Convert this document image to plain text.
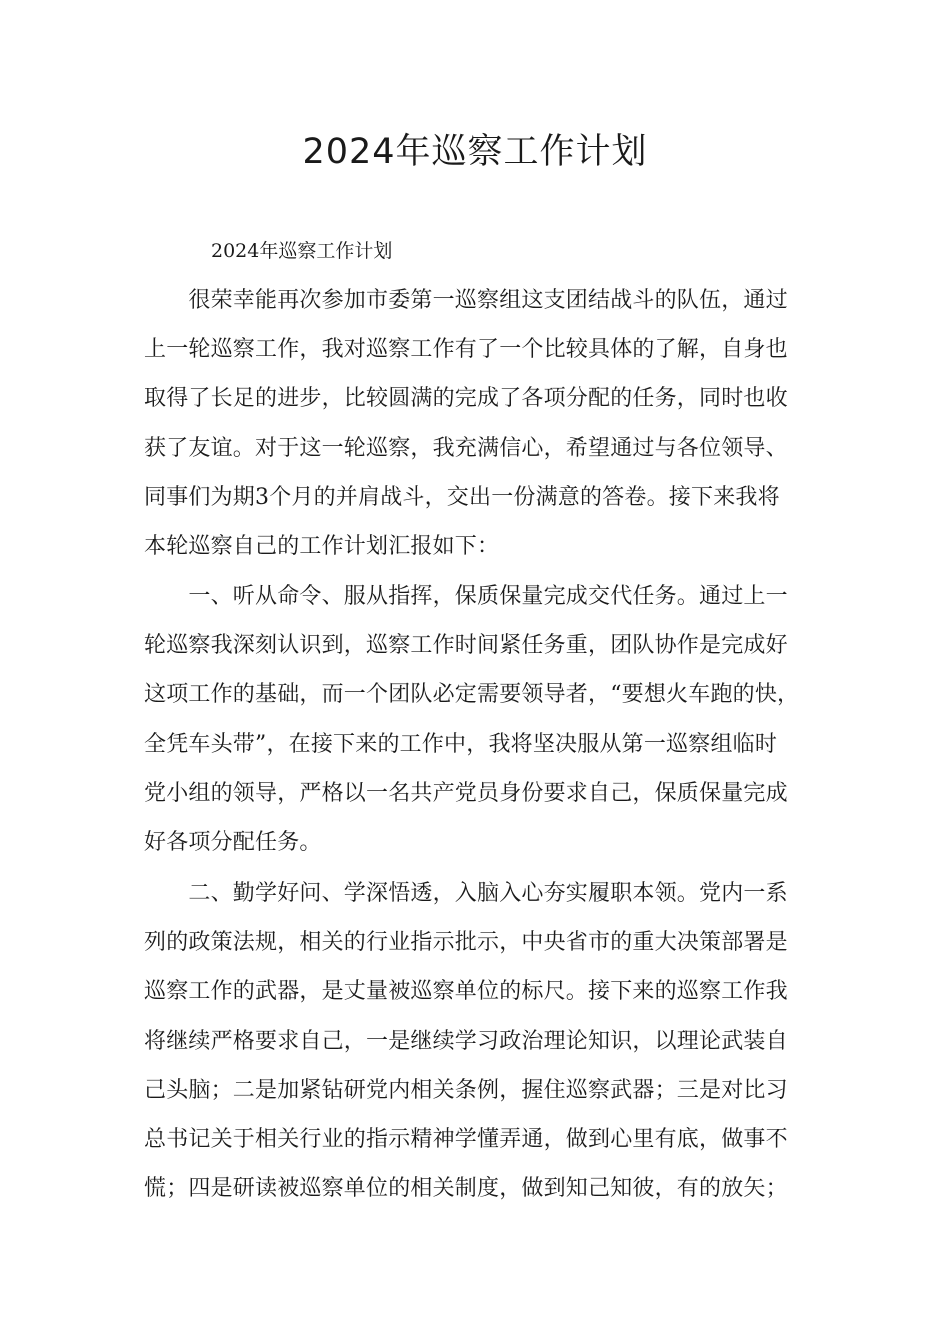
2024年巡察工作计划

2024年巡察工作计划

　　很荣幸能再次参加市委第一巡察组这支团结战斗的队伍，通过
上一轮巡察工作，我对巡察工作有了一个比较具体的了解，自身也
取得了长足的进步，比较圆满的完成了各项分配的任务，同时也收
获了友谊。对于这一轮巡察，我充满信心，希望通过与各位领导、
同事们为期3个月的并肩战斗，交出一份满意的答卷。接下来我将
本轮巡察自己的工作计划汇报如下：
　　一、听从命令、服从指挥，保质保量完成交代任务。通过上一
轮巡察我深刻认识到，巡察工作时间紧任务重，团队协作是完成好
这项工作的基础，而一个团队必定需要领导者，“要想火车跑的快，
全凭车头带”，在接下来的工作中，我将坚决服从第一巡察组临时
党小组的领导，严格以一名共产党员身份要求自己，保质保量完成
好各项分配任务。
　　二、勤学好问、学深悟透，入脑入心夯实履职本领。党内一系
列的政策法规，相关的行业指示批示，中央省市的重大决策部署是
巡察工作的武器，是丈量被巡察单位的标尺。接下来的巡察工作我
将继续严格要求自己，一是继续学习政治理论知识，以理论武装自
己头脑；二是加紧钻研党内相关条例，握住巡察武器；三是对比习
总书记关于相关行业的指示精神学懂弄通，做到心里有底，做事不
慌；四是研读被巡察单位的相关制度，做到知己知彼，有的放矢；
